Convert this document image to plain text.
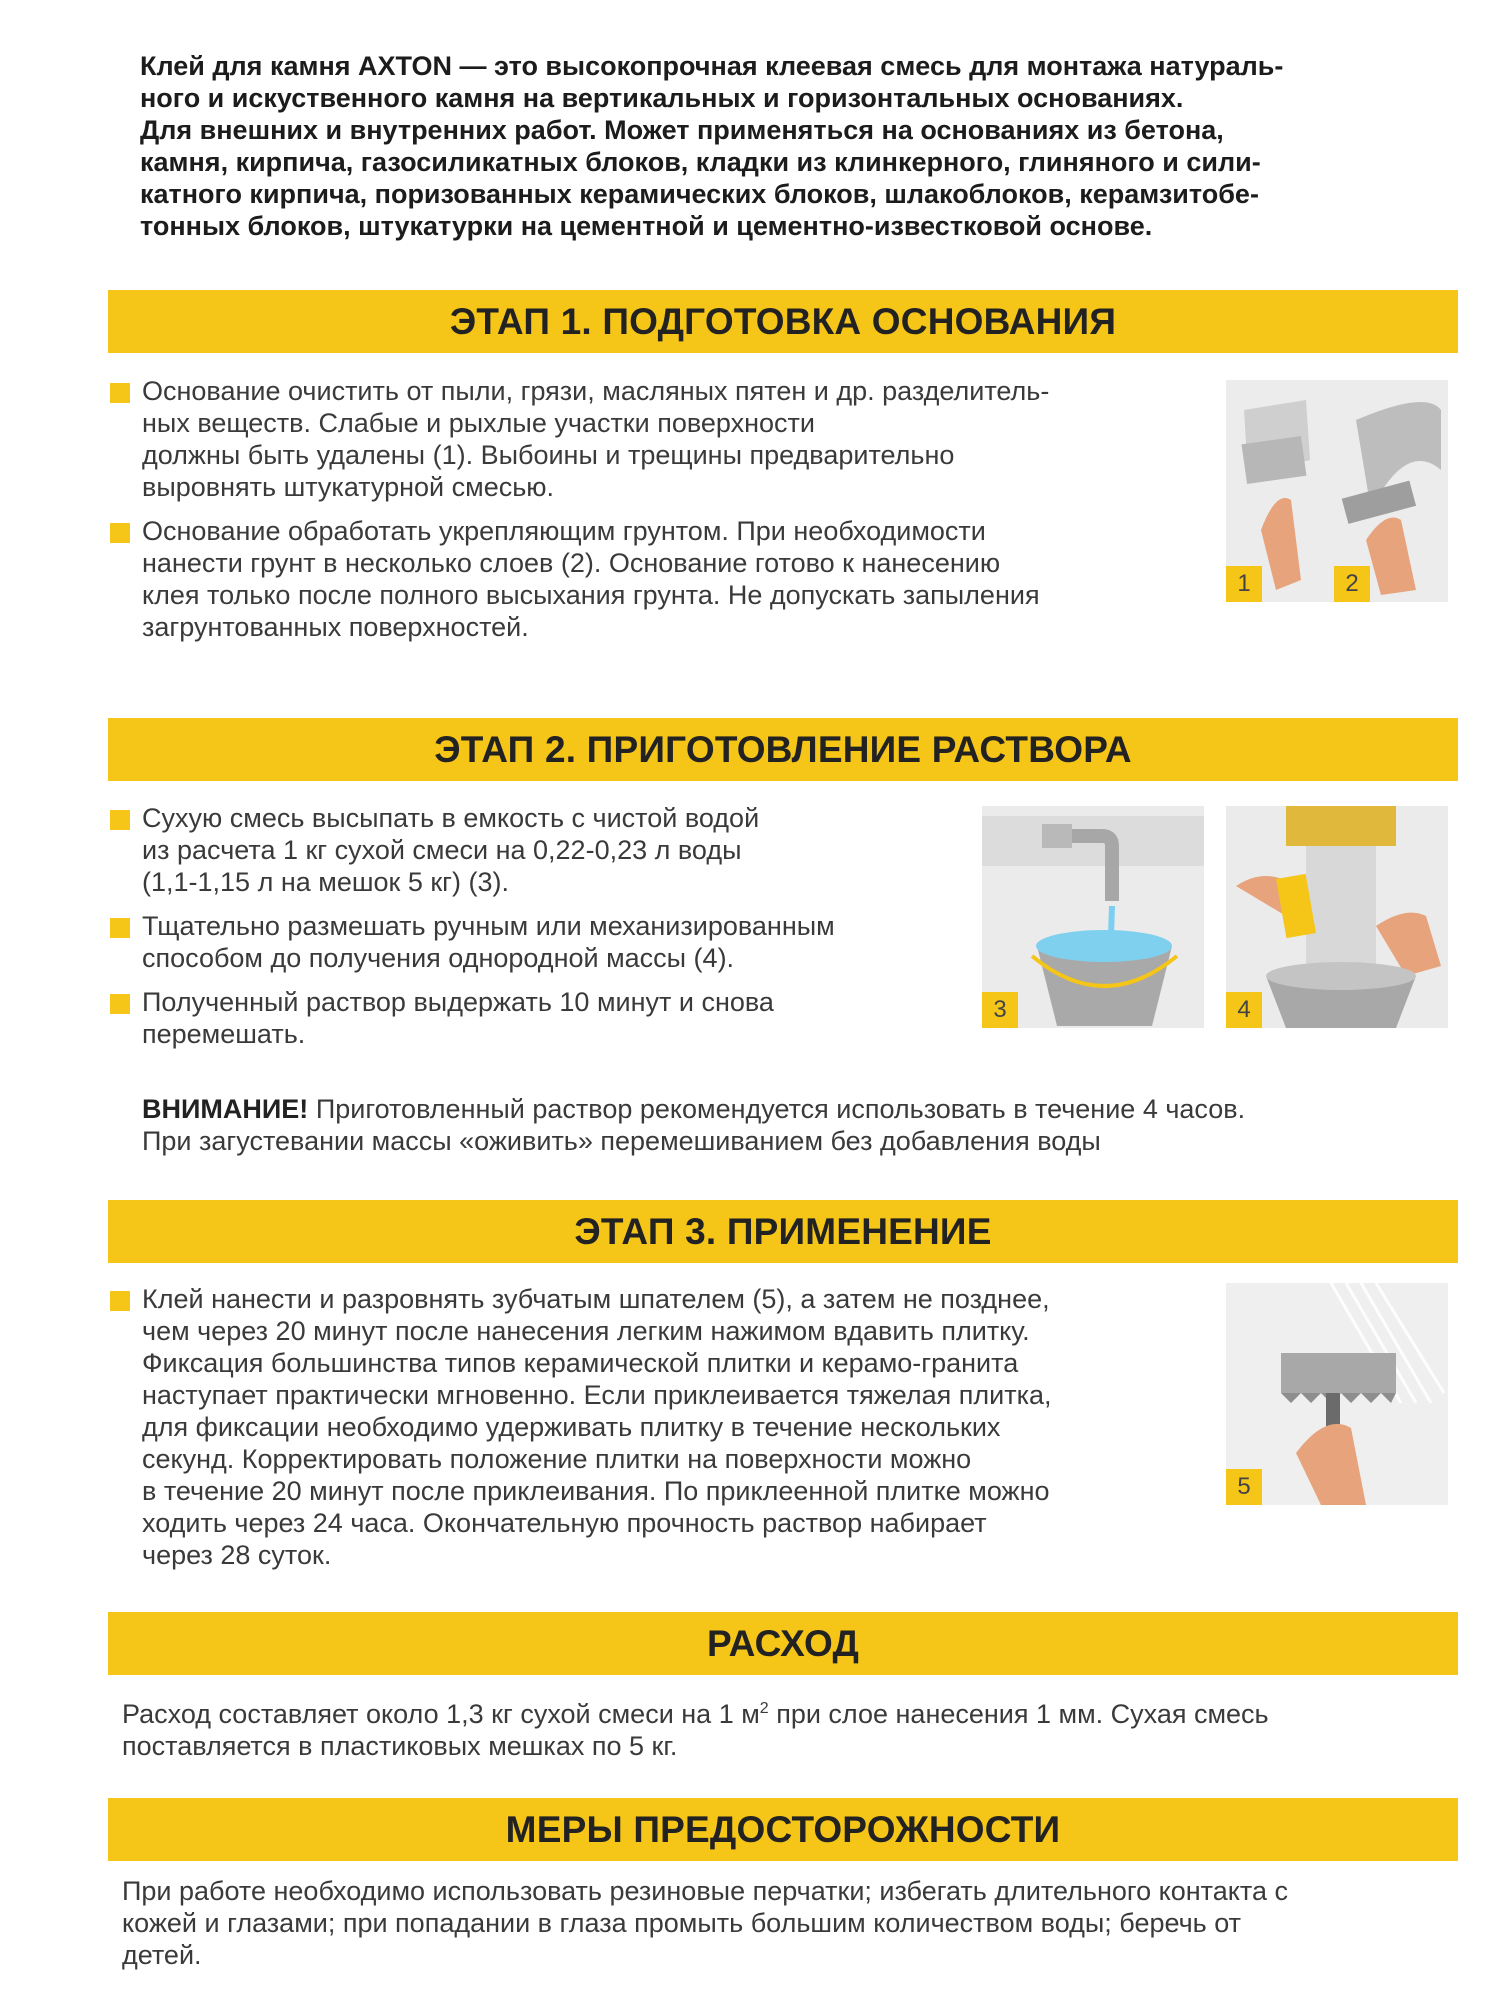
Клей для камня AXTON — это высокопрочная клеевая смесь для монтажа натураль-
ного и искуственного камня на вертикальных и горизонтальных основаниях.
Для внешних и внутренних работ. Может применяться на основаниях из бетона,
камня, кирпича, газосиликатных блоков, кладки из клинкерного, глиняного и сили-
катного кирпича, поризованных керамических блоков, шлакоблоков, керамзитобе-
тонных блоков, штукатурки на цементной и цементно-известковой основе.
ЭТАП 1. ПОДГОТОВКА ОСНОВАНИЯ
Основание очистить от пыли, грязи, масляных пятен и др. разделитель-
ных веществ. Слабые и рыхлые участки поверхности
должны быть удалены (1). Выбоины и трещины предварительно
выровнять штукатурной смесью.
Основание обработать укрепляющим грунтом. При необходимости
нанести грунт в несколько слоев (2). Основание готово к нанесению
клея только после полного высыхания грунта. Не допускать запыления
загрунтованных поверхностей.
1	2
ЭТАП 2. ПРИГОТОВЛЕНИЕ РАСТВОРА
Сухую смесь высыпать в емкость с чистой водой
из расчета 1 кг сухой смеси на 0,22-0,23 л воды
(1,1-1,15 л на мешок 5 кг) (3).
Тщательно размешать ручным или механизированным
способом до получения однородной массы (4).
Полученный раствор выдержать 10 минут и снова
перемешать.
3	4
ВНИМАНИЕ! Приготовленный раствор рекомендуется использовать в течение 4 часов.
При загустевании массы «оживить» перемешиванием без добавления воды
ЭТАП 3. ПРИМЕНЕНИЕ
Клей нанести и разровнять зубчатым шпателем (5), а затем не позднее,
чем через 20 минут после нанесения легким нажимом вдавить плитку.
Фиксация большинства типов керамической плитки и керамо-гранита
наступает практически мгновенно. Если приклеивается тяжелая плитка,
для фиксации необходимо удерживать плитку в течение нескольких
секунд. Корректировать положение плитки на поверхности можно
в течение 20 минут после приклеивания. По приклеенной плитке можно
ходить через 24 часа. Окончательную прочность раствор набирает
через 28 суток.
5
РАСХОД
Расход составляет около 1,3 кг сухой смеси на 1 $м^2$ при слое нанесения 1 мм. Сухая смесь
поставляется в пластиковых мешках по 5 кг.
МЕРЫ ПРЕДОСТОРОЖНОСТИ
При работе необходимо использовать резиновые перчатки; избегать длительного контакта с
кожей и глазами; при попадании в глаза промыть большим количеством воды; беречь от
детей.
